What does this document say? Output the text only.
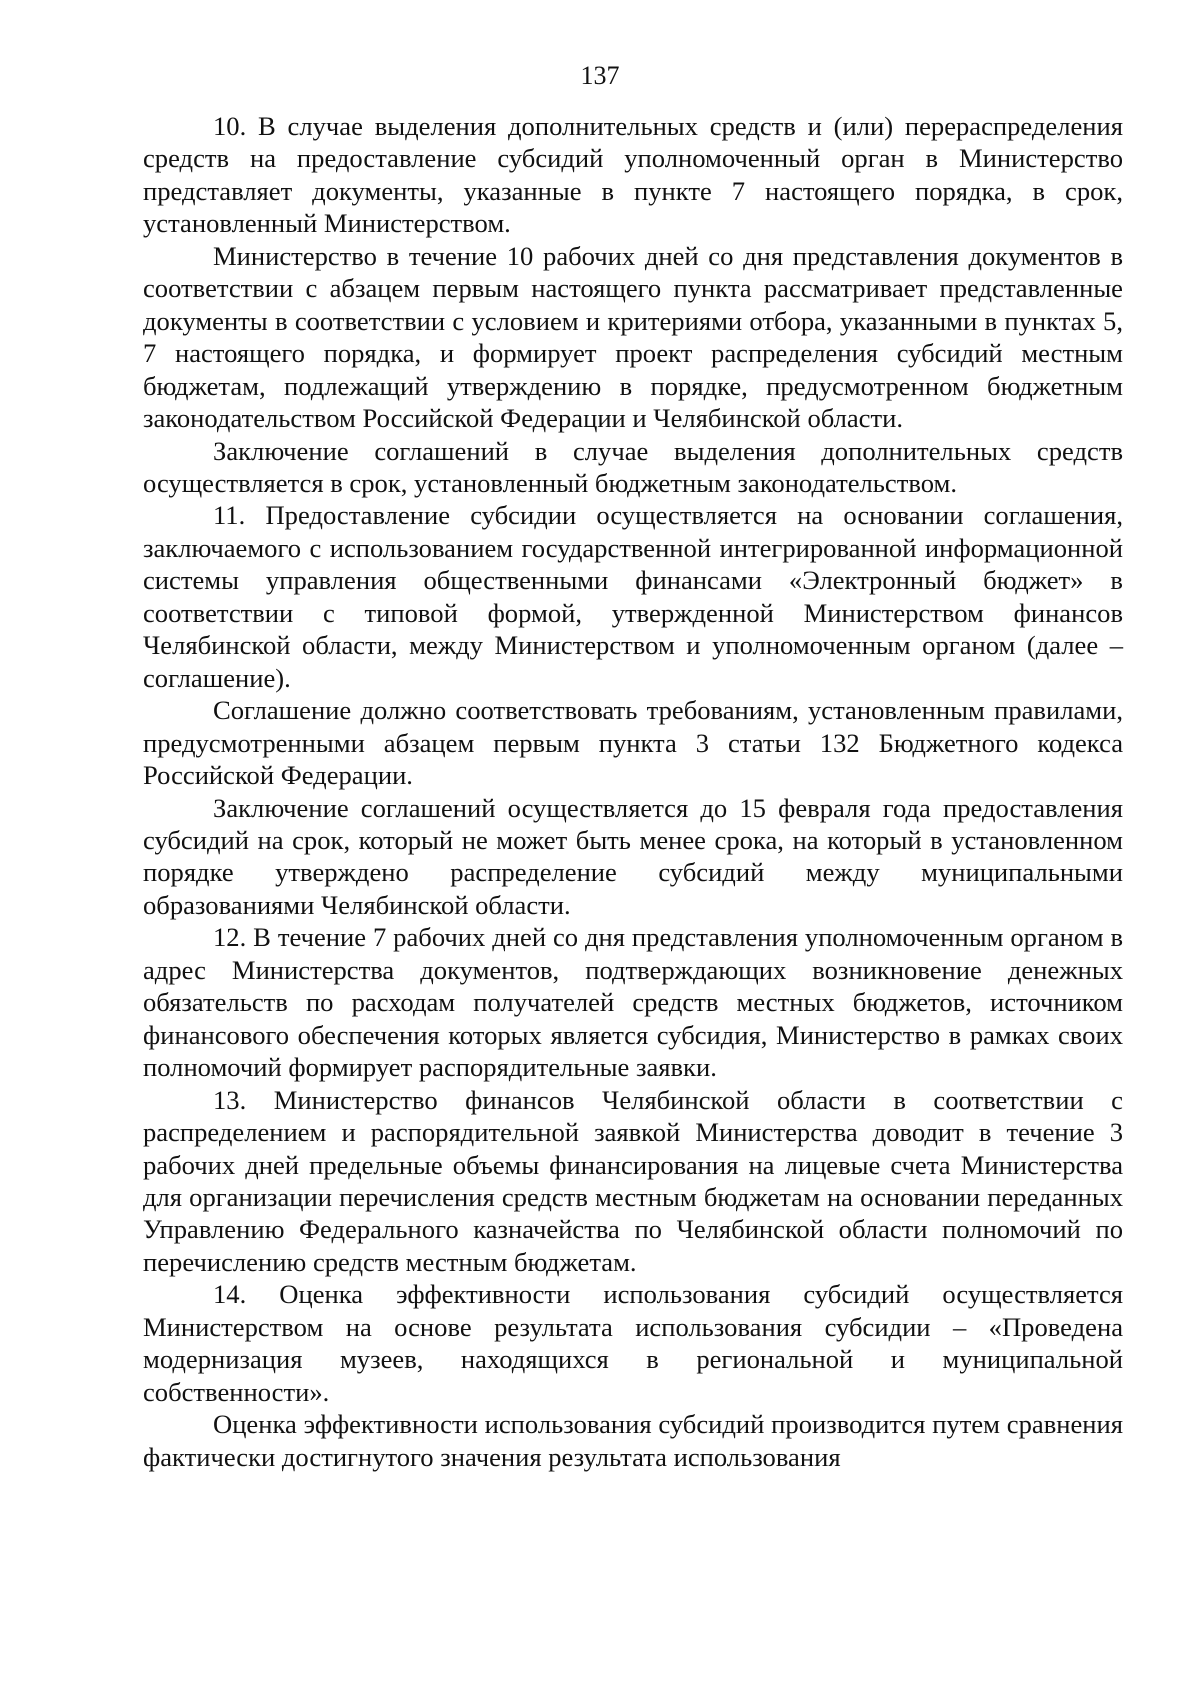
137

10. В случае выделения дополнительных средств и (или) перераспределения средств на предоставление субсидий уполномоченный орган в Министерство представляет документы, указанные в пункте 7 настоящего порядка, в срок, установленный Министерством.

Министерство в течение 10 рабочих дней со дня представления документов в соответствии с абзацем первым настоящего пункта рассматривает представленные документы в соответствии с условием и критериями отбора, указанными в пунктах 5, 7 настоящего порядка, и формирует проект распределения субсидий местным бюджетам, подлежащий утверждению в порядке, предусмотренном бюджетным законодательством Российской Федерации и Челябинской области.

Заключение соглашений в случае выделения дополнительных средств осуществляется в срок, установленный бюджетным законодательством.

11. Предоставление субсидии осуществляется на основании соглашения, заключаемого с использованием государственной интегрированной информационной системы управления общественными финансами «Электронный бюджет» в соответствии с типовой формой, утвержденной Министерством финансов Челябинской области, между Министерством и уполномоченным органом (далее – соглашение).

Соглашение должно соответствовать требованиям, установленным правилами, предусмотренными абзацем первым пункта 3 статьи 132 Бюджетного кодекса Российской Федерации.

Заключение соглашений осуществляется до 15 февраля года предоставления субсидий на срок, который не может быть менее срока, на который в установленном порядке утверждено распределение субсидий между муниципальными образованиями Челябинской области.

12. В течение 7 рабочих дней со дня представления уполномоченным органом в адрес Министерства документов, подтверждающих возникновение денежных обязательств по расходам получателей средств местных бюджетов, источником финансового обеспечения которых является субсидия, Министерство в рамках своих полномочий формирует распорядительные заявки.

13. Министерство финансов Челябинской области в соответствии с распределением и распорядительной заявкой Министерства доводит в течение 3 рабочих дней предельные объемы финансирования на лицевые счета Министерства для организации перечисления средств местным бюджетам на основании переданных Управлению Федерального казначейства по Челябинской области полномочий по перечислению средств местным бюджетам.

14. Оценка эффективности использования субсидий осуществляется Министерством на основе результата использования субсидии – «Проведена модернизация музеев, находящихся в региональной и муниципальной собственности».

Оценка эффективности использования субсидий производится путем сравнения фактически достигнутого значения результата использования
